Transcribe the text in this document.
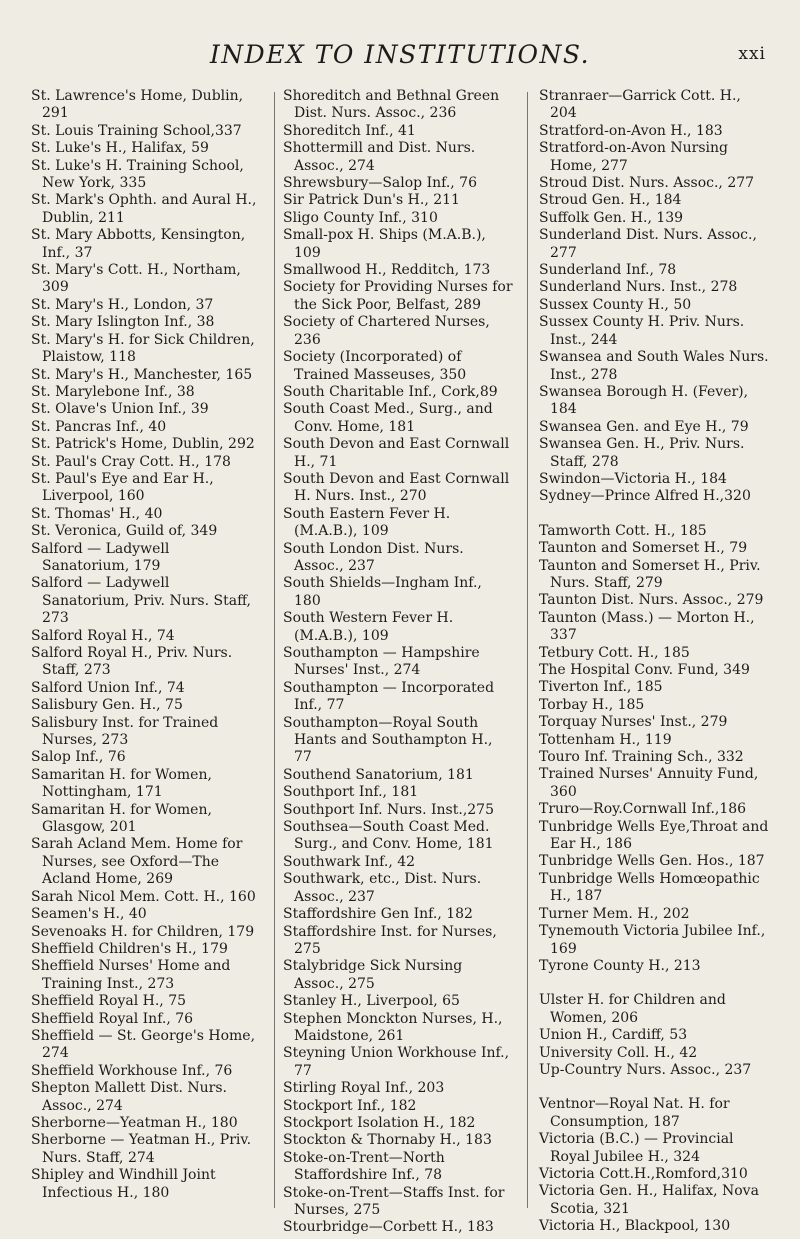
INDEX TO INSTITUTIONS.	xxi

St. Lawrence's Home, Dublin, 291

St. Louis Training School,337

St. Luke's H., Halifax, 59

St. Luke's H. Training School, New York, 335

St. Mark's Ophth. and Aural H., Dublin, 211

St. Mary Abbotts, Kensington, Inf., 37

St. Mary's Cott. H., Northam, 309

St. Mary's H., London, 37

St. Mary Islington Inf., 38

St. Mary's H. for Sick Children, Plaistow, 118

St. Mary's H., Manchester, 165

St. Marylebone Inf., 38

St. Olave's Union Inf., 39

St. Pancras Inf., 40

St. Patrick's Home, Dublin, 292

St. Paul's Cray Cott. H., 178

St. Paul's Eye and Ear H., Liverpool, 160

St. Thomas' H., 40

St. Veronica, Guild of, 349

Salford — Ladywell Sanatorium, 179

Salford — Ladywell Sanatorium, Priv. Nurs. Staff, 273

Salford Royal H., 74

Salford Royal H., Priv. Nurs. Staff, 273

Salford Union Inf., 74

Salisbury Gen. H., 75

Salisbury Inst. for Trained Nurses, 273

Salop Inf., 76

Samaritan H. for Women, Nottingham, 171

Samaritan H. for Women, Glasgow, 201

Sarah Acland Mem. Home for Nurses, see Oxford—The Acland Home, 269

Sarah Nicol Mem. Cott. H., 160

Seamen's H., 40

Sevenoaks H. for Children, 179

Sheffield Children's H., 179

Sheffield Nurses' Home and Training Inst., 273

Sheffield Royal H., 75

Sheffield Royal Inf., 76

Sheffield — St. George's Home, 274

Sheffield Workhouse Inf., 76

Shepton Mallett Dist. Nurs. Assoc., 274

Sherborne—Yeatman H., 180

Sherborne — Yeatman H., Priv. Nurs. Staff, 274

Shipley and Windhill Joint Infectious H., 180

Shoreditch and Bethnal Green Dist. Nurs. Assoc., 236

Shoreditch Inf., 41

Shottermill and Dist. Nurs. Assoc., 274

Shrewsbury—Salop Inf., 76

Sir Patrick Dun's H., 211

Sligo County Inf., 310

Small-pox H. Ships (M.A.B.), 109

Smallwood H., Redditch, 173

Society for Providing Nurses for the Sick Poor, Belfast, 289

Society of Chartered Nurses, 236

Society (Incorporated) of Trained Masseuses, 350

South Charitable Inf., Cork,89

South Coast Med., Surg., and Conv. Home, 181

South Devon and East Cornwall H., 71

South Devon and East Cornwall H. Nurs. Inst., 270

South Eastern Fever H. (M.A.B.), 109

South London Dist. Nurs. Assoc., 237

South Shields—Ingham Inf., 180

South Western Fever H. (M.A.B.), 109

Southampton — Hampshire Nurses' Inst., 274

Southampton — Incorporated Inf., 77

Southampton—Royal South Hants and Southampton H., 77

Southend Sanatorium, 181

Southport Inf., 181

Southport Inf. Nurs. Inst.,275

Southsea—South Coast Med. Surg., and Conv. Home, 181

Southwark Inf., 42

Southwark, etc., Dist. Nurs. Assoc., 237

Staffordshire Gen Inf., 182

Staffordshire Inst. for Nurses, 275

Stalybridge Sick Nursing Assoc., 275

Stanley H., Liverpool, 65

Stephen Monckton Nurses, H., Maidstone, 261

Steyning Union Workhouse Inf., 77

Stirling Royal Inf., 203

Stockport Inf., 182

Stockport Isolation H., 182

Stockton & Thornaby H., 183

Stoke-on-Trent—North Staffordshire Inf., 78

Stoke-on-Trent—Staffs Inst. for Nurses, 275

Stourbridge—Corbett H., 183

Stranraer—Garrick Cott. H., 204

Stratford-on-Avon H., 183

Stratford-on-Avon Nursing Home, 277

Stroud Dist. Nurs. Assoc., 277

Stroud Gen. H., 184

Suffolk Gen. H., 139

Sunderland Dist. Nurs. Assoc., 277

Sunderland Inf., 78

Sunderland Nurs. Inst., 278

Sussex County H., 50

Sussex County H. Priv. Nurs. Inst., 244

Swansea and South Wales Nurs. Inst., 278

Swansea Borough H. (Fever), 184

Swansea Gen. and Eye H., 79

Swansea Gen. H., Priv. Nurs. Staff, 278

Swindon—Victoria H., 184

Sydney—Prince Alfred H.,320

Tamworth Cott. H., 185

Taunton and Somerset H., 79

Taunton and Somerset H., Priv. Nurs. Staff, 279

Taunton Dist. Nurs. Assoc., 279

Taunton (Mass.) — Morton H., 337

Tetbury Cott. H., 185

The Hospital Conv. Fund, 349

Tiverton Inf., 185

Torbay H., 185

Torquay Nurses' Inst., 279

Tottenham H., 119

Touro Inf. Training Sch., 332

Trained Nurses' Annuity Fund, 360

Truro—Roy.Cornwall Inf.,186

Tunbridge Wells Eye,Throat and Ear H., 186

Tunbridge Wells Gen. Hos., 187

Tunbridge Wells Homœopathic H., 187

Turner Mem. H., 202

Tynemouth Victoria Jubilee Inf., 169

Tyrone County H., 213

Ulster H. for Children and Women, 206

Union H., Cardiff, 53

University Coll. H., 42

Up-Country Nurs. Assoc., 237

Ventnor—Royal Nat. H. for Consumption, 187

Victoria (B.C.) — Provincial Royal Jubilee H., 324

Victoria Cott.H.,Romford,310

Victoria Gen. H., Halifax, Nova Scotia, 321

Victoria H., Blackpool, 130
